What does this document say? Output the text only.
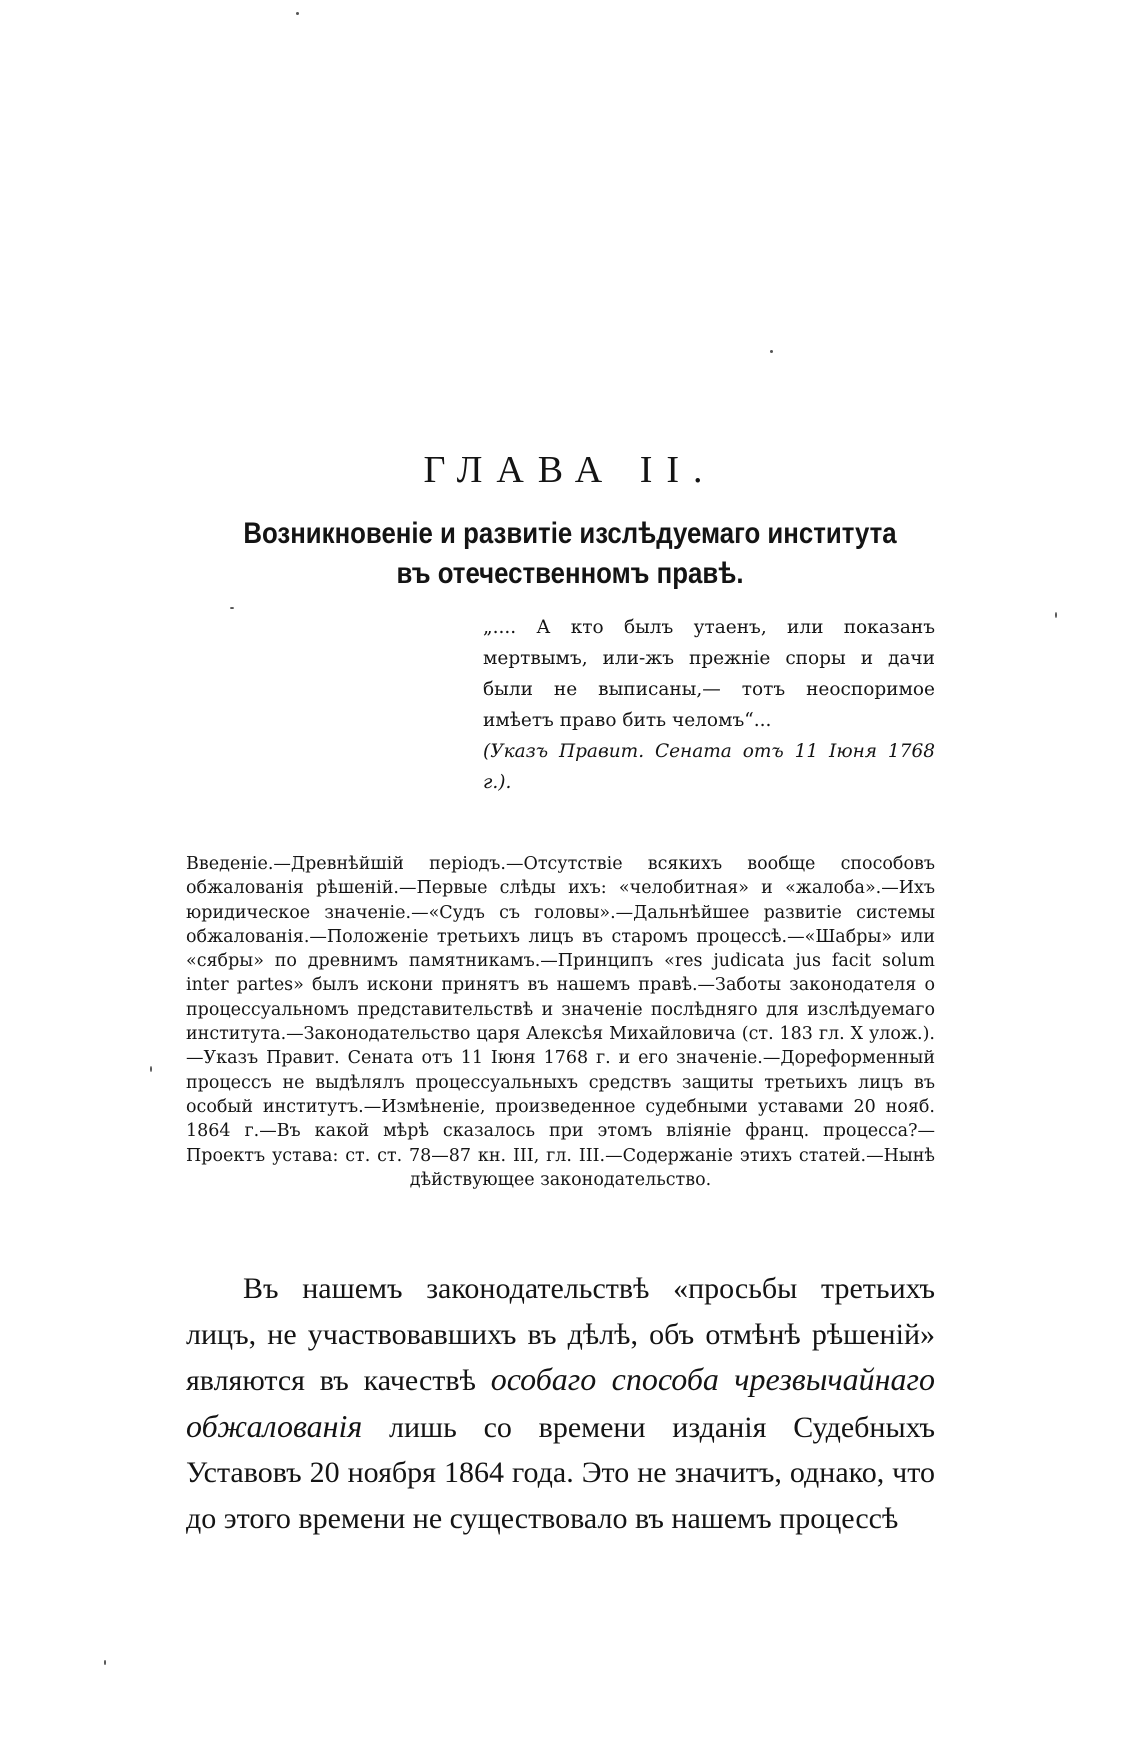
ГЛАВА II.
Возникновеніе и развитіе изслѣдуемаго института
въ отечественномъ правѣ.

„.... А кто былъ утаенъ, или показанъ мертвымъ, или-жъ прежніе споры и дачи были не выписаны,— тотъ неоспоримое имѣетъ право бить челомъ“...

(Указъ Правит. Сената отъ 11 Іюня 1768 г.).

Введеніе.—Древнѣйшій періодъ.—Отсутствіе всякихъ вообще способовъ обжалованія рѣшеній.—Первые слѣды ихъ: «челобитная» и «жалоба».—Ихъ юридическое значеніе.—«Судъ съ головы».—Дальнѣйшее развитіе системы обжалованія.—Положеніе третьихъ лицъ въ старомъ процессѣ.—«Шабры» или «сябры» по древнимъ памятникамъ.—Принципъ «res judicata jus facit solum inter partes» былъ искони принятъ въ нашемъ правѣ.—Заботы законодателя о процессуальномъ представительствѣ и значеніе послѣдняго для изслѣдуемаго института.—Законодательство царя Алексѣя Михайловича (ст. 183 гл. X улож.).—Указъ Правит. Сената отъ 11 Іюня 1768 г. и его значеніе.—Дореформенный процессъ не выдѣлялъ процессуальныхъ средствъ защиты третьихъ лицъ въ особый институтъ.—Измѣненіе, произведенное судебными уставами 20 нояб. 1864 г.—Въ какой мѣрѣ сказалось при этомъ вліяніе франц. процесса?—Проектъ устава: ст. ст. 78—87 кн. III, гл. III.—Содержаніе этихъ статей.—Нынѣ дѣйствующее законодательство.

Въ нашемъ законодательствѣ «просьбы третьихъ лицъ, не участвовавшихъ въ дѣлѣ, объ отмѣнѣ рѣшеній» являются въ качествѣ особаго способа чрезвычайнаго обжалованія лишь со времени изданія Судебныхъ Уставовъ 20 ноября 1864 года. Это не значитъ, однако, что до этого времени не существовало въ нашемъ процессѣ
